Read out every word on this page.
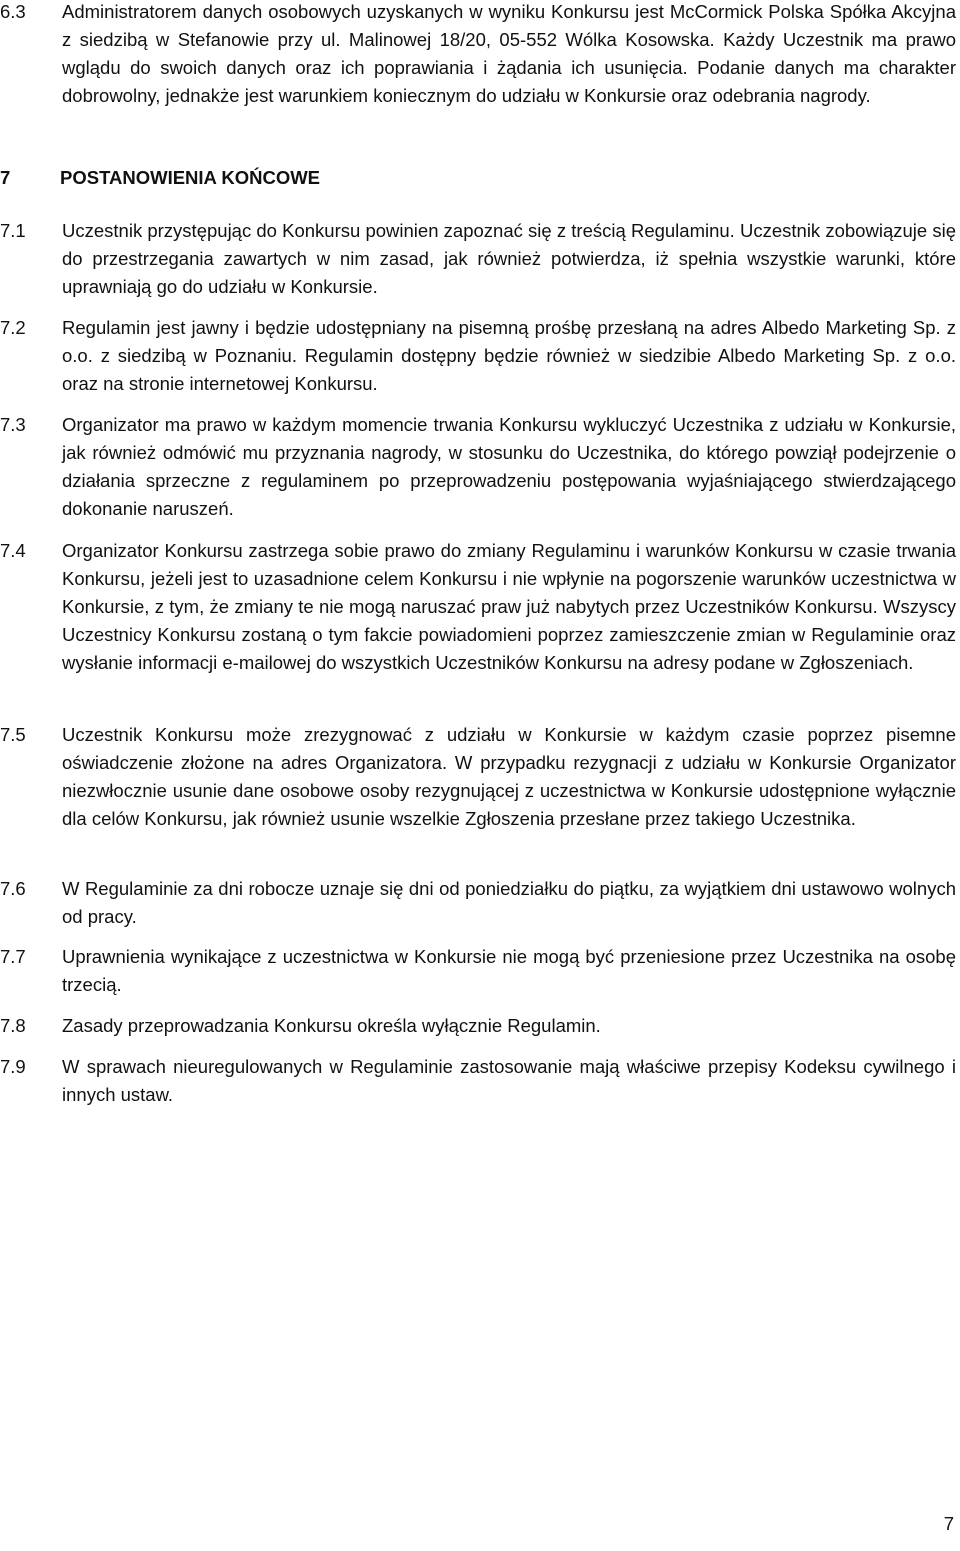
6.3	Administratorem danych osobowych uzyskanych w wyniku Konkursu jest McCormick Polska Spółka Akcyjna z siedzibą w Stefanowie przy ul. Malinowej 18/20, 05-552 Wólka Kosowska. Każdy Uczestnik ma prawo wglądu do swoich danych oraz ich poprawiania i żądania ich usunięcia. Podanie danych ma charakter dobrowolny, jednakże jest warunkiem koniecznym do udziału w Konkursie oraz odebrania nagrody.
7	POSTANOWIENIA KOŃCOWE
7.1	Uczestnik przystępując do Konkursu powinien zapoznać się z treścią Regulaminu. Uczestnik zobowiązuje się do przestrzegania zawartych w nim zasad, jak również potwierdza, iż spełnia wszystkie warunki, które uprawniają go do udziału w Konkursie.
7.2	Regulamin jest jawny i będzie udostępniany na pisemną prośbę przesłaną na adres Albedo Marketing Sp. z o.o. z siedzibą w Poznaniu. Regulamin dostępny będzie również w siedzibie Albedo Marketing Sp. z o.o. oraz na stronie internetowej Konkursu.
7.3	Organizator ma prawo w każdym momencie trwania Konkursu wykluczyć Uczestnika z udziału w Konkursie, jak również odmówić mu przyznania nagrody, w stosunku do Uczestnika, do którego powziął podejrzenie o działania sprzeczne z regulaminem po przeprowadzeniu postępowania wyjaśniającego stwierdzającego dokonanie naruszeń.
7.4	Organizator Konkursu zastrzega sobie prawo do zmiany Regulaminu i warunków Konkursu w czasie trwania Konkursu, jeżeli jest to uzasadnione celem Konkursu i nie wpłynie na pogorszenie warunków uczestnictwa w Konkursie, z tym, że zmiany te nie mogą naruszać praw już nabytych przez Uczestników Konkursu. Wszyscy Uczestnicy Konkursu zostaną o tym fakcie powiadomieni poprzez zamieszczenie zmian w Regulaminie oraz wysłanie informacji e-mailowej do wszystkich Uczestników Konkursu na adresy podane w Zgłoszeniach.
7.5	Uczestnik Konkursu może zrezygnować z udziału w Konkursie w każdym czasie poprzez pisemne oświadczenie złożone na adres Organizatora. W przypadku rezygnacji z udziału w Konkursie Organizator niezwłocznie usunie dane osobowe osoby rezygnującej z uczestnictwa w Konkursie udostępnione wyłącznie dla celów Konkursu, jak również usunie wszelkie Zgłoszenia przesłane przez takiego Uczestnika.
7.6	W Regulaminie za dni robocze uznaje się dni od poniedziałku do piątku, za wyjątkiem dni ustawowo wolnych od pracy.
7.7	Uprawnienia wynikające z uczestnictwa w Konkursie nie mogą być przeniesione przez Uczestnika na osobę trzecią.
7.8	Zasady przeprowadzania Konkursu określa wyłącznie Regulamin.
7.9	W sprawach nieuregulowanych w Regulaminie zastosowanie mają właściwe przepisy Kodeksu cywilnego i innych ustaw.
7
